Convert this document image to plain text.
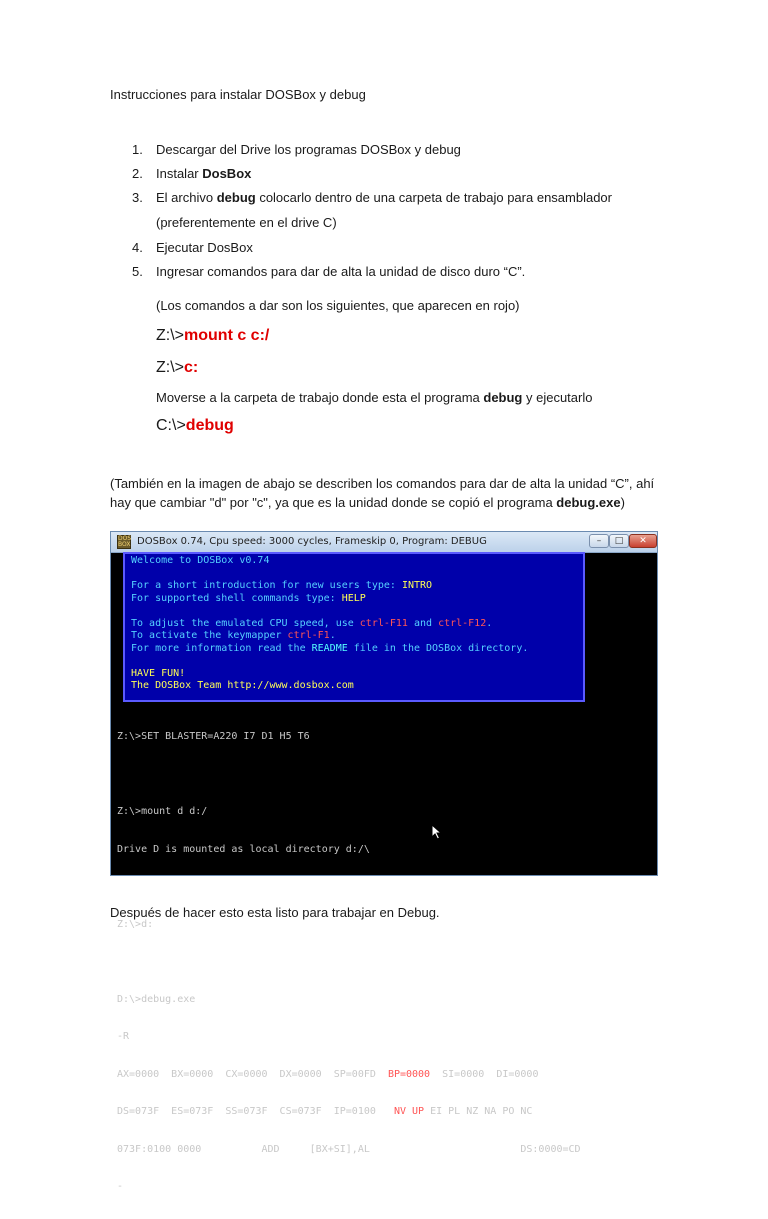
Instrucciones para instalar DOSBox y debug
1. Descargar del Drive los programas DOSBox y debug
2. Instalar DosBox
3. El archivo debug colocarlo dentro de una carpeta de trabajo para ensamblador
(preferentemente en el drive C)
4. Ejecutar DosBox
5. Ingresar comandos para dar de alta la unidad de disco duro “C”.
(Los comandos a dar son los siguientes, que aparecen en rojo)
Z:\>mount c c:/
Z:\>c:
Moverse a la carpeta de trabajo donde esta el programa debug y ejecutarlo
C:\>debug
(También en la imagen de abajo se describen los comandos para dar de alta la unidad “C”, ahí
hay que cambiar "d" por "c", ya que es la unidad donde se copió el programa debug.exe)
DOS BOX DOSBox 0.74, Cpu speed: 3000 cycles, Frameskip 0, Program: DEBUG	–	□	✕
Welcome to DOSBox v0.74
For a short introduction for new users type: INTRO
For supported shell commands type: HELP
To adjust the emulated CPU speed, use ctrl-F11 and ctrl-F12.
To activate the keymapper ctrl-F1.
For more information read the README file in the DOSBox directory.
HAVE FUN!
The DOSBox Team http://www.dosbox.com

Z:\>SET BLASTER=A220 I7 D1 H5 T6

Z:\>mount d d:/

Drive D is mounted as local directory d:/\

Z:\>d:

D:\>debug.exe

-R

AX=0000  BX=0000  CX=0000  DX=0000  SP=00FD  BP=0000  SI=0000  DI=0000

DS=073F  ES=073F  SS=073F  CS=073F  IP=0100   NV UP EI PL NZ NA PO NC

073F:0100 0000          ADD     [BX+SI],AL                         DS:0000=CD

-

Después de hacer esto esta listo para trabajar en Debug.
